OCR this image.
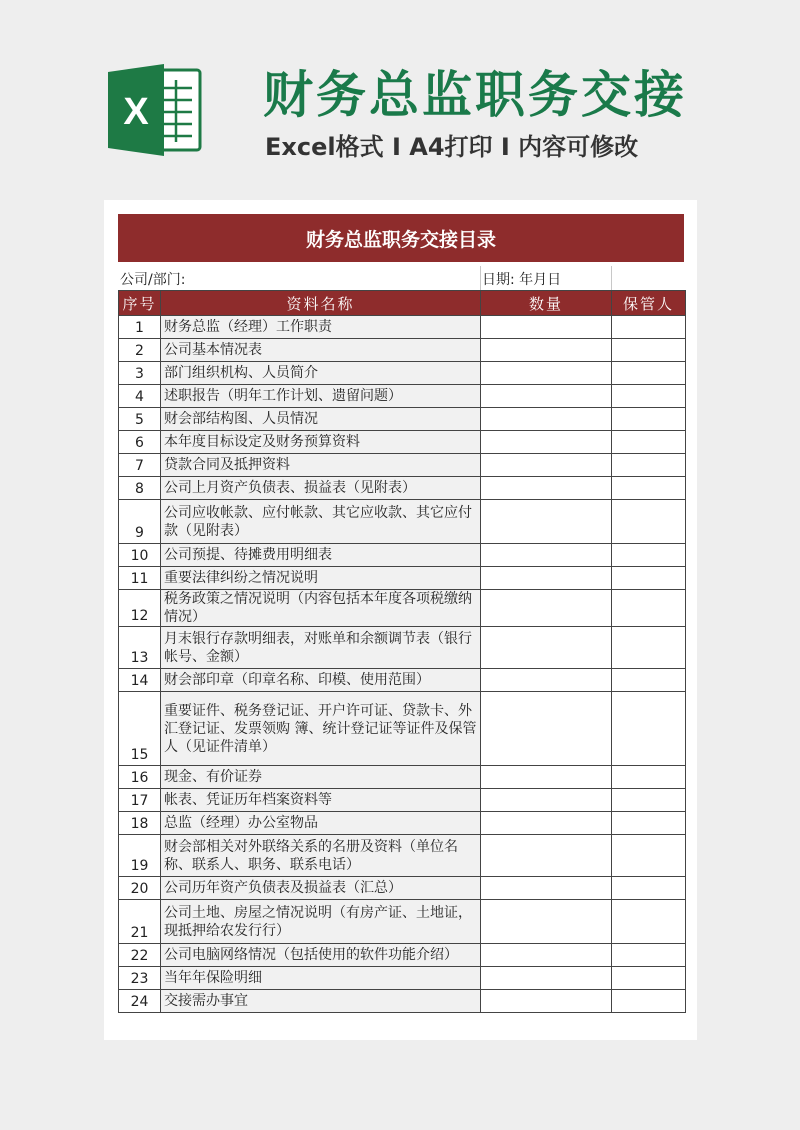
X 财务总监职务交接
Excel格式 I A4打印 I 内容可修改
财务总监职务交接目录
公司/部门:	日期: 年月日
序号	资料名称	数量	保管人
1	财务总监（经理）工作职责		
2	公司基本情况表		
3	部门组织机构、人员简介		
4	述职报告（明年工作计划、遗留问题）		
5	财会部结构图、人员情况		
6	本年度目标设定及财务预算资料		
7	贷款合同及抵押资料		
8	公司上月资产负债表、损益表（见附表）		
9	公司应收帐款、应付帐款、其它应收款、其它应付款（见附表）		
10	公司预提、待摊费用明细表		
11	重要法律纠纷之情况说明		
12	税务政策之情况说明（内容包括本年度各项税缴纳情况）		
13	月末银行存款明细表，对账单和余额调节表（银行帐号、金额）		
14	财会部印章（印章名称、印模、使用范围）		
15	重要证件、税务登记证、开户许可证、贷款卡、外汇登记证、发票领购 簿、统计登记证等证件及保管人（见证件清单）		
16	现金、有价证券		
17	帐表、凭证历年档案资料等		
18	总监（经理）办公室物品		
19	财会部相关对外联络关系的名册及资料（单位名称、联系人、职务、联系电话）		
20	公司历年资产负债表及损益表（汇总）		
21	公司土地、房屋之情况说明（有房产证、土地证，现抵押给农发行行）		
22	公司电脑网络情况（包括使用的软件功能介绍）		
23	当年年保险明细		
24	交接需办事宜		
